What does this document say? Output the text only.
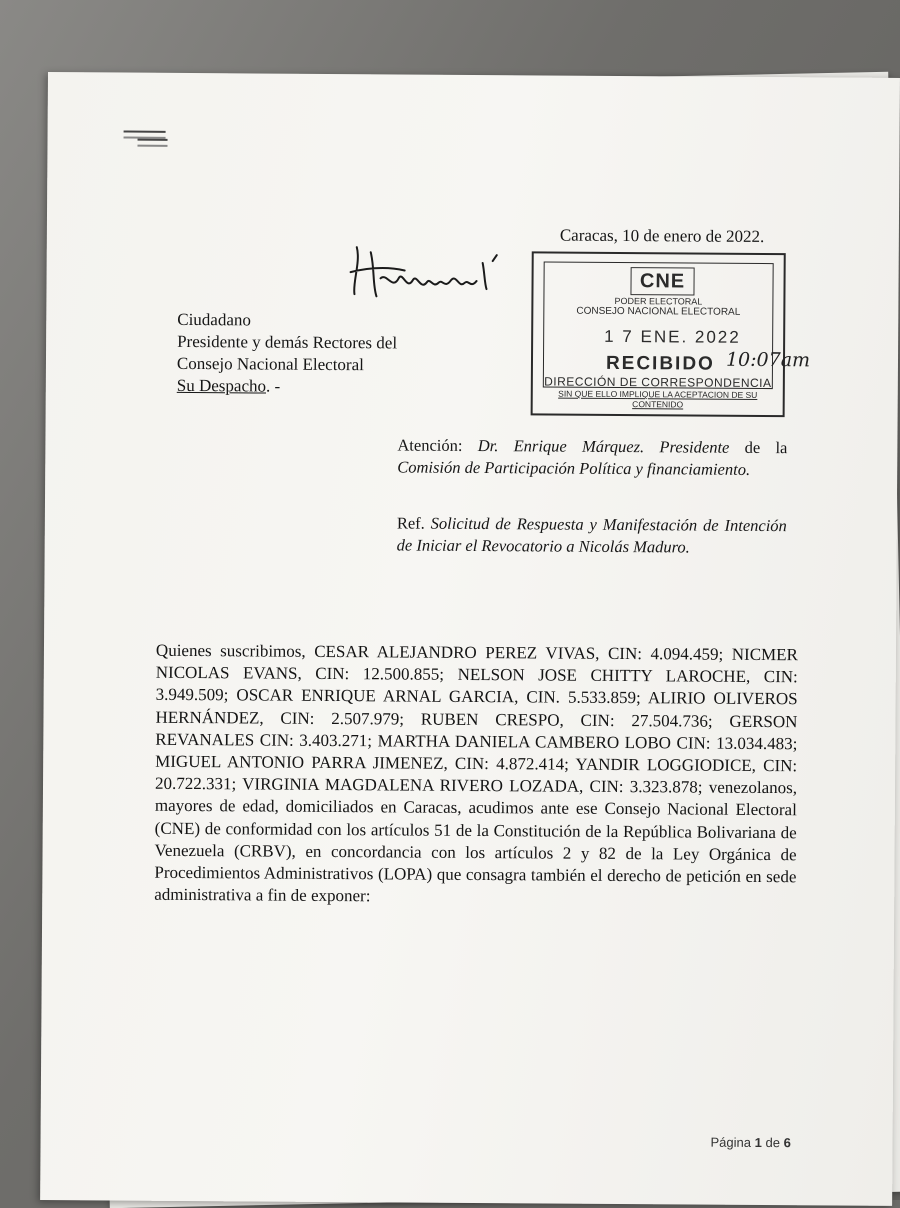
Caracas, 10 de enero de 2022.
Ciudadano
Presidente y demás Rectores del
Consejo Nacional Electoral
Su Despacho. -
CNE
PODER ELECTORAL
CONSEJO NACIONAL ELECTORAL
1 7 ENE. 2022
RECIBIDO 10:07am
DIRECCIÓN DE CORRESPONDENCIA
SIN QUE ELLO IMPLIQUE LA ACEPTACION DE SU CONTENIDO
Atención: Dr. Enrique Márquez. Presidente de la Comisión de Participación Política y financiamiento.
Ref. Solicitud de Respuesta y Manifestación de Intención de Iniciar el Revocatorio a Nicolás Maduro.
Quienes suscribimos, CESAR ALEJANDRO PEREZ VIVAS, CIN: 4.094.459; NICMER NICOLAS EVANS, CIN: 12.500.855; NELSON JOSE CHITTY LAROCHE, CIN: 3.949.509; OSCAR ENRIQUE ARNAL GARCIA, CIN. 5.533.859; ALIRIO OLIVEROS HERNÁNDEZ, CIN: 2.507.979; RUBEN CRESPO, CIN: 27.504.736; GERSON REVANALES CIN: 3.403.271; MARTHA DANIELA CAMBERO LOBO CIN: 13.034.483; MIGUEL ANTONIO PARRA JIMENEZ, CIN: 4.872.414; YANDIR LOGGIODICE, CIN: 20.722.331; VIRGINIA MAGDALENA RIVERO LOZADA, CIN: 3.323.878; venezolanos, mayores de edad, domiciliados en Caracas, acudimos ante ese Consejo Nacional Electoral (CNE) de conformidad con los artículos 51 de la Constitución de la República Bolivariana de Venezuela (CRBV), en concordancia con los artículos 2 y 82 de la Ley Orgánica de Procedimientos Administrativos (LOPA) que consagra también el derecho de petición en sede administrativa a fin de exponer:
Página 1 de 6
